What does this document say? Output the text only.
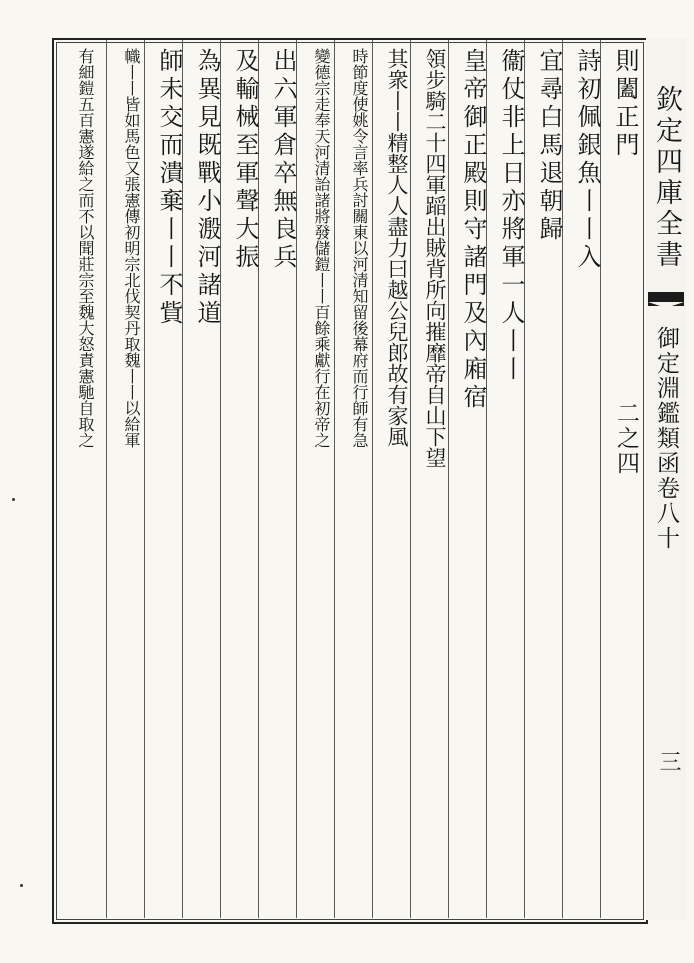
欽定四庫全書
御定淵鑑類函卷八十二之四
三
則闔正門
詩初佩銀魚丨丨入
宜尋白馬退朝歸
衞仗非上日亦將軍一人丨丨
皇帝御正殿則守諸門及內廂宿
領步騎二十四軍𨂻出賊背所向摧靡帝自山下望
其衆丨丨精整人人盡力曰越公兒郎故有家風
時節度使姚令言率兵討關東以河清知留後幕府而行師有急
變德宗走奉天河清詒諸將發儲鎧丨丨百餘乘獻行在初帝之
出六軍倉卒無良兵
及輸械至軍聲大振
為異見既戰小溵河諸道
師未交而潰棄丨丨不貲
幟丨丨皆如馬色又張憲傳初明宗北伐契丹取魏丨丨以給軍
有細鎧五百憲遂給之而不以聞莊宗至魏大怒責憲馳自取之
